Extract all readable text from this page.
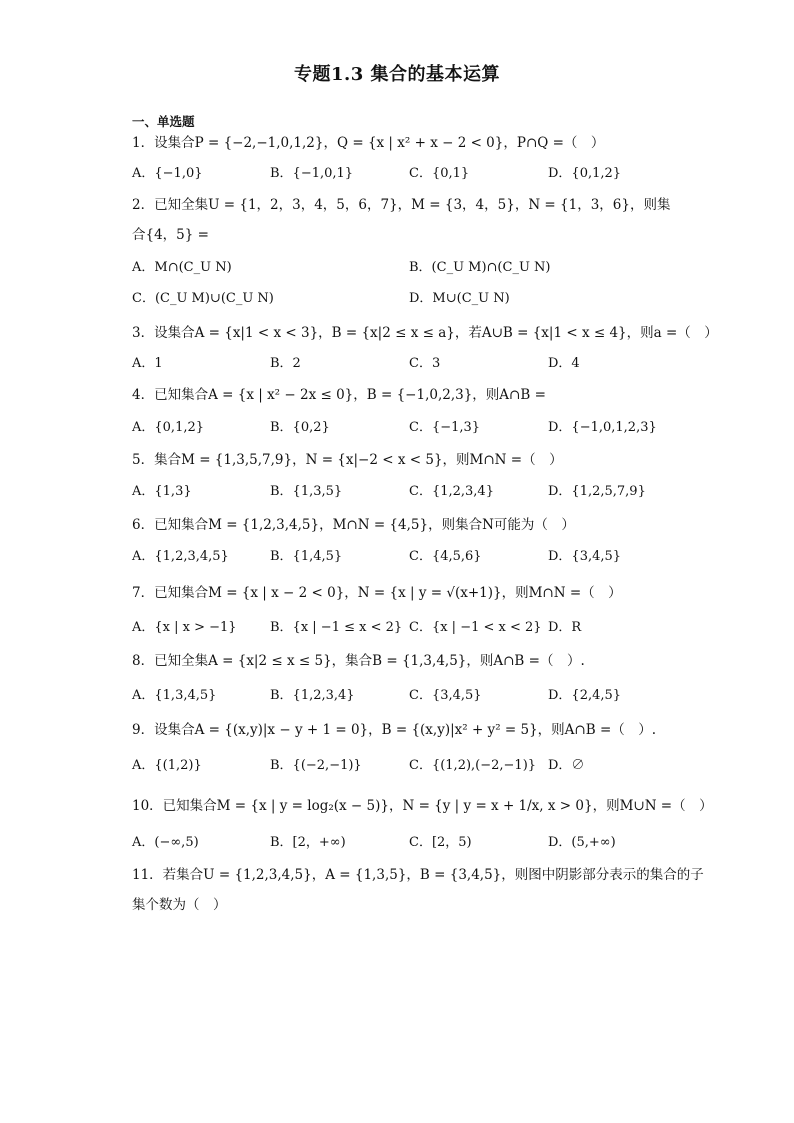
专题1.3 集合的基本运算
一、单选题
1．设集合P = {−2,−1,0,1,2}，Q = {x | x² + x − 2 < 0}，P∩Q =（　）
A．{−1,0}	B．{−1,0,1}	C．{0,1}	D．{0,1,2}
2．已知全集U = {1，2，3，4，5，6，7}，M = {3，4，5}，N = {1，3，6}，则集
合{4，5} =
A．M∩(C_U N)	B．(C_U M)∩(C_U N)
C．(C_U M)∪(C_U N)	D．M∪(C_U N)
3．设集合A = {x|1 < x < 3}，B = {x|2 ≤ x ≤ a}，若A∪B = {x|1 < x ≤ 4}，则a =（　）
A．1	B．2	C．3	D．4
4．已知集合A = {x | x² − 2x ≤ 0}，B = {−1,0,2,3}，则A∩B =
A．{0,1,2}	B．{0,2}	C．{−1,3}	D．{−1,0,1,2,3}
5．集合M = {1,3,5,7,9}，N = {x|−2 < x < 5}，则M∩N =（　）
A．{1,3}	B．{1,3,5}	C．{1,2,3,4}	D．{1,2,5,7,9}
6．已知集合M = {1,2,3,4,5}，M∩N = {4,5}，则集合N可能为（　）
A．{1,2,3,4,5}	B．{1,4,5}	C．{4,5,6}	D．{3,4,5}
7．已知集合M = {x | x − 2 < 0}，N = {x | y = √(x+1)}，则M∩N =（　）
A．{x | x > −1}	B．{x | −1 ≤ x < 2} C．{x | −1 < x < 2} D．R
8．已知全集A = {x|2 ≤ x ≤ 5}，集合B = {1,3,4,5}，则A∩B =（　）.
A．{1,3,4,5}	B．{1,2,3,4}	C．{3,4,5}	D．{2,4,5}
9．设集合A = {(x,y)|x − y + 1 = 0}，B = {(x,y)|x² + y² = 5}，则A∩B =（　）.
A．{(1,2)}	B．{(−2,−1)}	C．{(1,2),(−2,−1)} D．∅
10．已知集合M = {x | y = log₂(x − 5)}，N = {y | y = x + 1/x, x > 0}，则M∪N =（　）
A．(−∞,5)	B．[2，+∞)	C．[2，5)	D．(5,+∞)
11．若集合U = {1,2,3,4,5}，A = {1,3,5}，B = {3,4,5}，则图中阴影部分表示的集合的子
集个数为（　）
